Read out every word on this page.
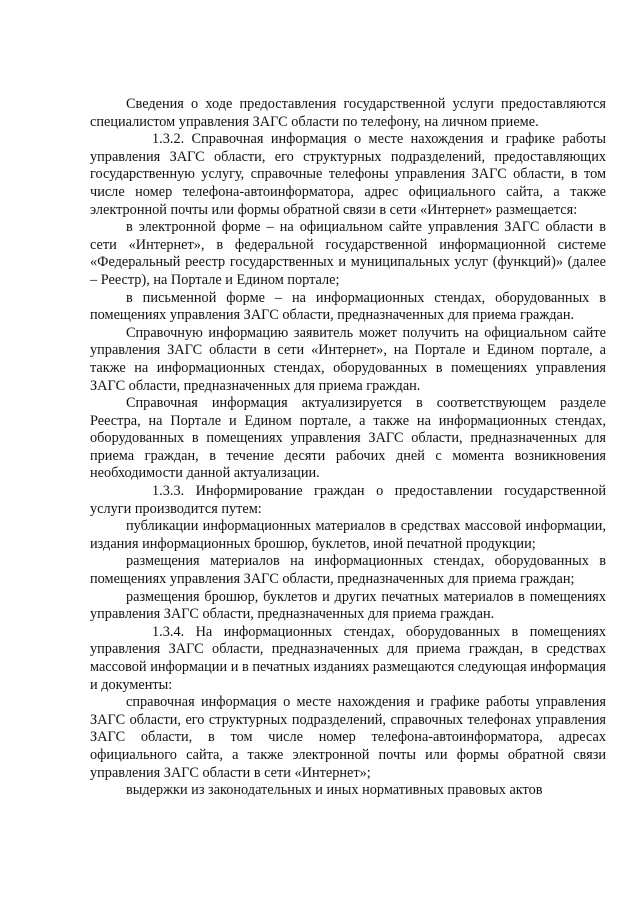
Сведения о ходе предоставления государственной услуги предоставляются специалистом управления ЗАГС области по телефону, на личном приеме.

1.3.2. Справочная информация о месте нахождения и графике работы управления ЗАГС области, его структурных подразделений, предоставляющих государственную услугу, справочные телефоны управления ЗАГС области, в том числе номер телефона-автоинформатора, адрес официального сайта, а также электронной почты или формы обратной связи в сети «Интернет» размещается:

в электронной форме – на официальном сайте управления ЗАГС области в сети «Интернет», в федеральной государственной информационной системе «Федеральный реестр государственных и муниципальных услуг (функций)» (далее – Реестр), на Портале и Едином портале;

в письменной форме – на информационных стендах, оборудованных в помещениях управления ЗАГС области, предназначенных для приема граждан.

Справочную информацию заявитель может получить на официальном сайте управления ЗАГС области в сети «Интернет», на Портале и Едином портале, а также на информационных стендах, оборудованных в помещениях управления ЗАГС области, предназначенных для приема граждан.

Справочная информация актуализируется в соответствующем разделе Реестра, на Портале и Едином портале, а также на информационных стендах, оборудованных в помещениях управления ЗАГС области, предназначенных для приема граждан, в течение десяти рабочих дней с момента возникновения необходимости данной актуализации.

1.3.3. Информирование граждан о предоставлении государственной услуги производится путем:

публикации информационных материалов в средствах массовой информации, издания информационных брошюр, буклетов, иной печатной продукции;

размещения материалов на информационных стендах, оборудованных в помещениях управления ЗАГС области, предназначенных для приема граждан;

размещения брошюр, буклетов и других печатных материалов в помещениях управления ЗАГС области, предназначенных для приема граждан.

1.3.4. На информационных стендах, оборудованных в помещениях управления ЗАГС области, предназначенных для приема граждан, в средствах массовой информации и в печатных изданиях размещаются следующая информация и документы:

справочная информация о месте нахождения и графике работы управления ЗАГС области, его структурных подразделений, справочных телефонах управления ЗАГС области, в том числе номер телефона-автоинформатора, адресах официального сайта, а также электронной почты или формы обратной связи управления ЗАГС области в сети «Интернет»;

выдержки из законодательных и иных нормативных правовых актов
